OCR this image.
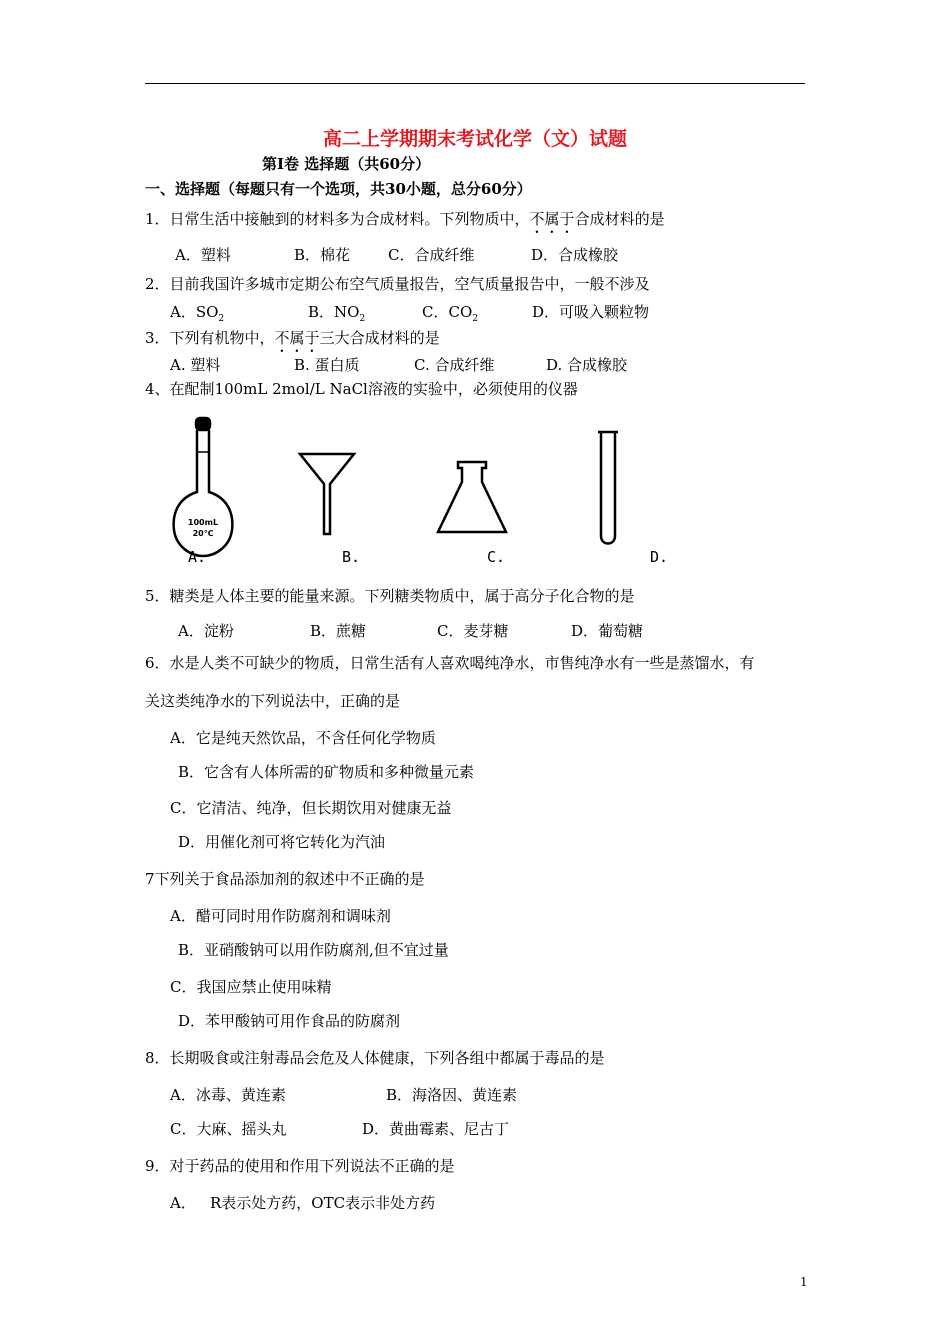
高二上学期期末考试化学（文）试题
第Ⅰ卷 选择题（共60分）
一、选择题（每题只有一个选项，共30小题，总分60分）
1．日常生活中接触到的材料多为合成材料。下列物质中，不属于合成材料的是
A．塑料	B．棉花	C．合成纤维	D．合成橡胶
2．目前我国许多城市定期公布空气质量报告，空气质量报告中，一般不涉及
A．$SO_2$	B．$NO_2$	C．$CO_2$	D．可吸入颗粒物
3．下列有机物中，不属于三大合成材料的是
A. 塑料	B. 蛋白质	C. 合成纤维	D. 合成橡胶
4、在配制100mL 2mol/L NaCl溶液的实验中，必须使用的仪器
100mL
20℃
A.	B.	C.	D.
5．糖类是人体主要的能量来源。下列糖类物质中，属于高分子化合物的是
A．淀粉	B．蔗糖	C．麦芽糖	D．葡萄糖
6．水是人类不可缺少的物质，日常生活有人喜欢喝纯净水，市售纯净水有一些是蒸馏水，有
关这类纯净水的下列说法中，正确的是
A．它是纯天然饮品，不含任何化学物质
B．它含有人体所需的矿物质和多种微量元素
C．它清洁、纯净，但长期饮用对健康无益
D．用催化剂可将它转化为汽油
7下列关于食品添加剂的叙述中不正确的是
A．醋可同时用作防腐剂和调味剂
B．亚硝酸钠可以用作防腐剂,但不宜过量
C．我国应禁止使用味精
D．苯甲酸钠可用作食品的防腐剂
8．长期吸食或注射毒品会危及人体健康，下列各组中都属于毒品的是
A．冰毒、黄连素	B．海洛因、黄连素
C．大麻、摇头丸	D．黄曲霉素、尼古丁
9．对于药品的使用和作用下列说法不正确的是
A． R表示处方药，OTC表示非处方药
1
